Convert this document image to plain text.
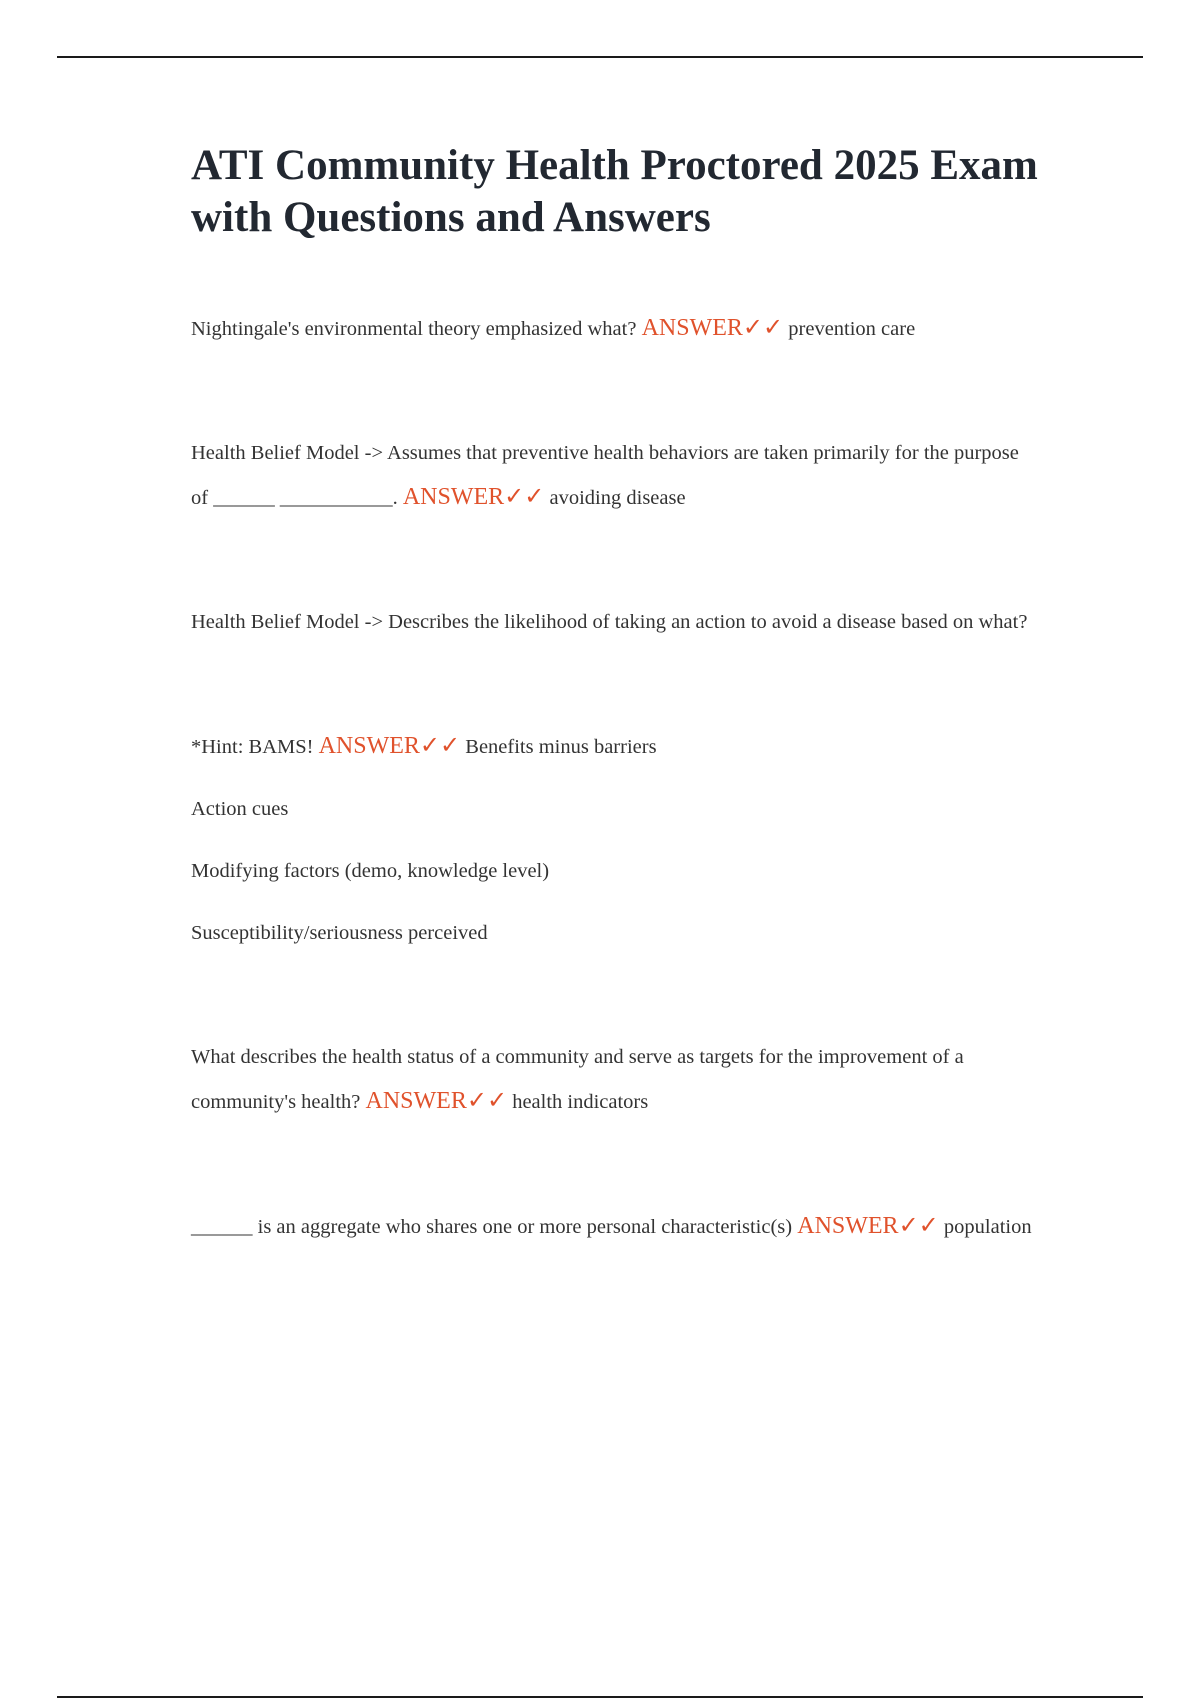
ATI Community Health Proctored 2025 Exam with Questions and Answers

Nightingale's environmental theory emphasized what? ANSWER✓✓ prevention care

Health Belief Model -> Assumes that preventive health behaviors are taken primarily for the purpose of ______ ___________. ANSWER✓✓ avoiding disease

Health Belief Model -> Describes the likelihood of taking an action to avoid a disease based on what?

*Hint: BAMS! ANSWER✓✓ Benefits minus barriers

Action cues

Modifying factors (demo, knowledge level)

Susceptibility/seriousness perceived

What describes the health status of a community and serve as targets for the improvement of a community's health? ANSWER✓✓ health indicators

______ is an aggregate who shares one or more personal characteristic(s) ANSWER✓✓ population
